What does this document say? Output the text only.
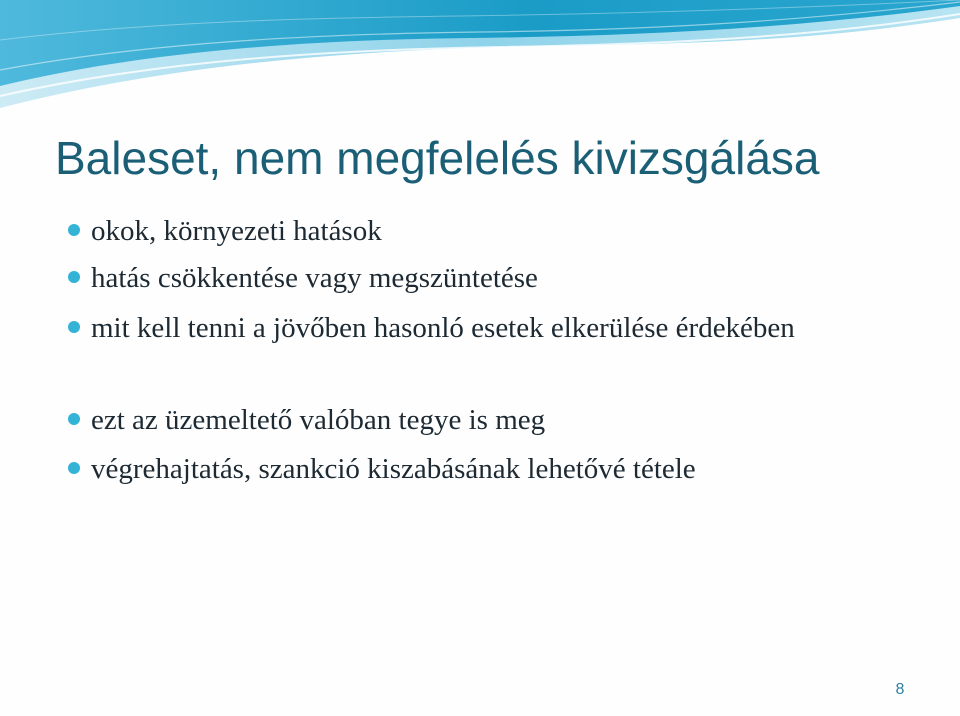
Baleset, nem megfelelés kivizsgálása
okok, környezeti hatások
hatás csökkentése vagy megszüntetése
mit kell tenni a jövőben hasonló esetek elkerülése érdekében
ezt az üzemeltető valóban tegye is meg
végrehajtatás, szankció kiszabásának lehetővé tétele
8
